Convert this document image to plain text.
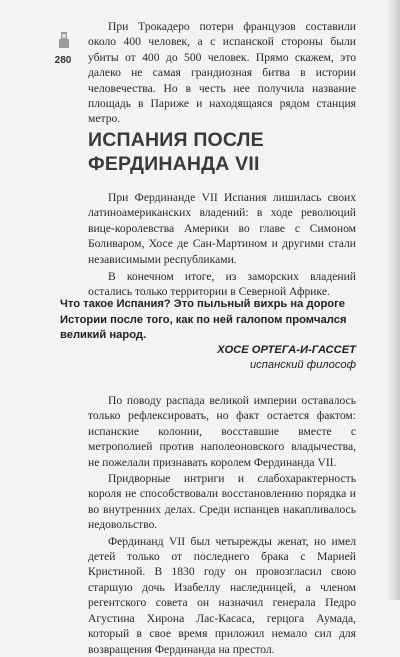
280

При Трокадеро потери французов составили около 400 человек, а с испанской стороны были убиты от 400 до 500 человек. Прямо скажем, это далеко не самая грандиозная битва в истории человечества. Но в честь нее получила название площадь в Париже и находящаяся рядом станция метро.

ИСПАНИЯ ПОСЛЕ ФЕРДИНАНДА VII

При Фердинанде VII Испания лишилась своих латиноамериканских владений: в ходе революций вице-королевства Америки во главе с Симоном Боливаром, Хосе де Сан-Мартином и другими стали независимыми республиками.

В конечном итоге, из заморских владений остались только территории в Северной Африке.

Что такое Испания? Это пыльный вихрь на дороге Истории после того, как по ней галопом промчался великий народ.
ХОСЕ ОРТЕГА-И-ГАССЕТ
испанский философ

По поводу распада великой империи оставалось только рефлексировать, но факт остается фактом: испанские колонии, восставшие вместе с метрополией против наполеоновского владычества, не пожелали признавать королем Фердинанда VII.

Придворные интриги и слабохарактерность короля не способствовали восстановлению порядка и во внутренних делах. Среди испанцев накапливалось недовольство.

Фердинанд VII был четырежды женат, но имел детей только от последнего брака с Марией Кристиной. В 1830 году он провозгласил свою старшую дочь Изабеллу наследницей, а членом регентского совета он назначил генерала Педро Агустина Хирона Лас-Касаса, герцога Аумада, который в свое время приложил немало сил для возвращения Фердинанда на престол.
